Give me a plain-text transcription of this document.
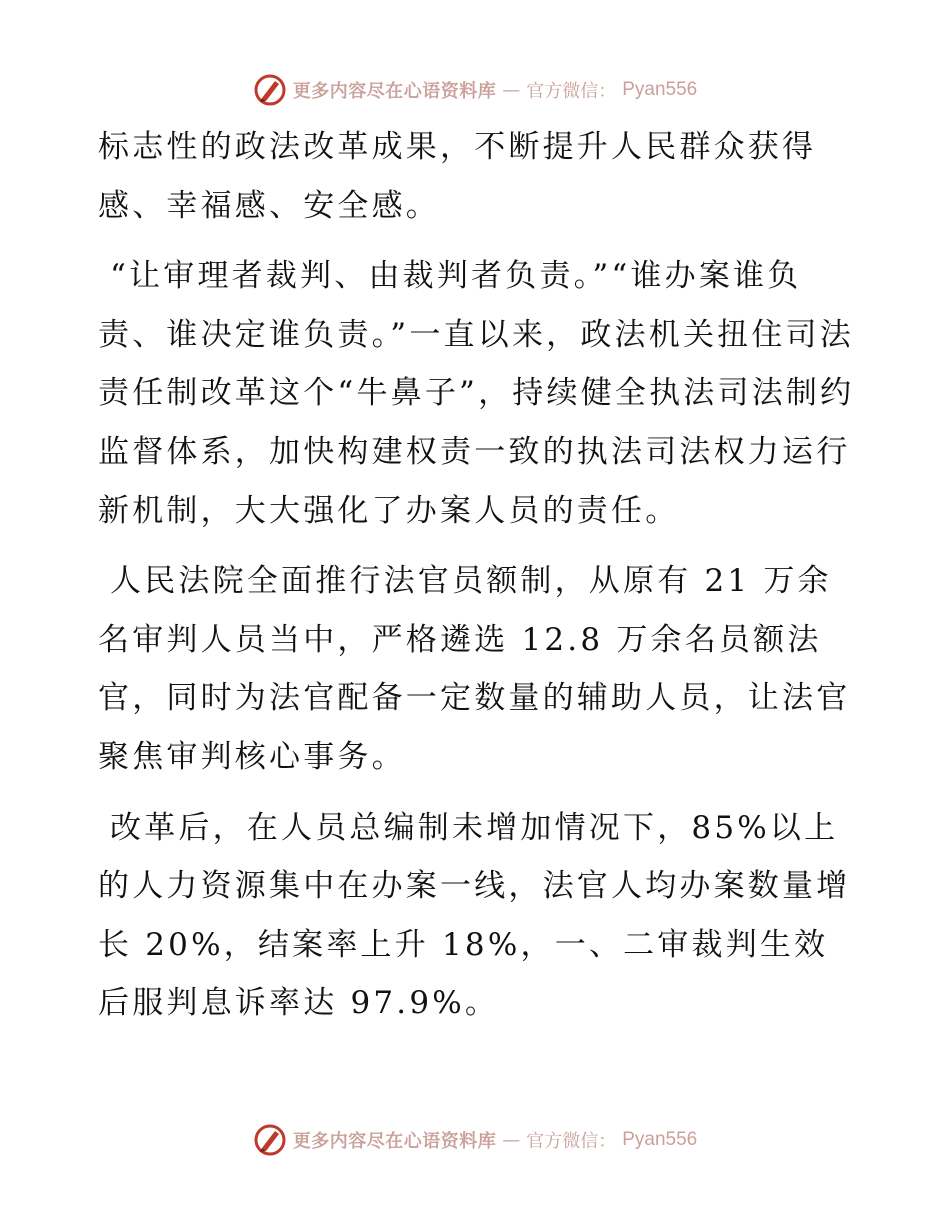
更多内容尽在心语资料库 — 官方微信： Pyan556

标志性的政法改革成果，不断提升人民群众获得感、幸福感、安全感。

“让审理者裁判、由裁判者负责。”“谁办案谁负责、谁决定谁负责。”一直以来，政法机关扭住司法责任制改革这个“牛鼻子”，持续健全执法司法制约监督体系，加快构建权责一致的执法司法权力运行新机制，大大强化了办案人员的责任。

人民法院全面推行法官员额制，从原有 21 万余名审判人员当中，严格遴选 12.8 万余名员额法官，同时为法官配备一定数量的辅助人员，让法官聚焦审判核心事务。

改革后，在人员总编制未增加情况下，85%以上的人力资源集中在办案一线，法官人均办案数量增长 20%，结案率上升 18%，一、二审裁判生效后服判息诉率达 97.9%。

更多内容尽在心语资料库 — 官方微信： Pyan556
